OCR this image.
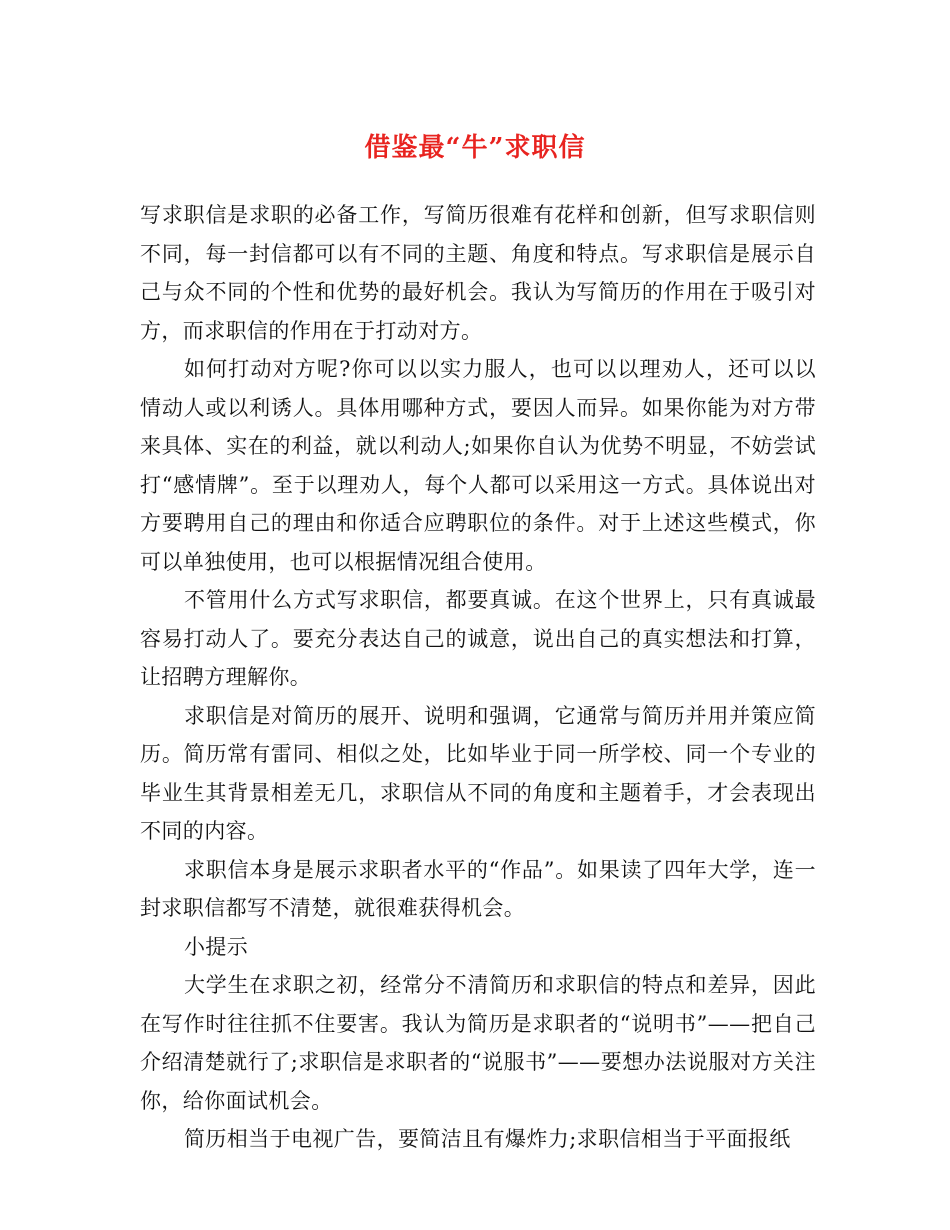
借鉴最“牛”求职信

写求职信是求职的必备工作，写简历很难有花样和创新，但写求职信则不同，每一封信都可以有不同的主题、角度和特点。写求职信是展示自己与众不同的个性和优势的最好机会。我认为写简历的作用在于吸引对方，而求职信的作用在于打动对方。

如何打动对方呢?你可以以实力服人，也可以以理劝人，还可以以情动人或以利诱人。具体用哪种方式，要因人而异。如果你能为对方带来具体、实在的利益，就以利动人;如果你自认为优势不明显，不妨尝试打“感情牌”。至于以理劝人，每个人都可以采用这一方式。具体说出对方要聘用自己的理由和你适合应聘职位的条件。对于上述这些模式，你可以单独使用，也可以根据情况组合使用。

不管用什么方式写求职信，都要真诚。在这个世界上，只有真诚最容易打动人了。要充分表达自己的诚意，说出自己的真实想法和打算，让招聘方理解你。

求职信是对简历的展开、说明和强调，它通常与简历并用并策应简历。简历常有雷同、相似之处，比如毕业于同一所学校、同一个专业的毕业生其背景相差无几，求职信从不同的角度和主题着手，才会表现出不同的内容。

求职信本身是展示求职者水平的“作品”。如果读了四年大学，连一封求职信都写不清楚，就很难获得机会。

小提示

大学生在求职之初，经常分不清简历和求职信的特点和差异，因此在写作时往往抓不住要害。我认为简历是求职者的“说明书”——把自己介绍清楚就行了;求职信是求职者的“说服书”——要想办法说服对方关注你，给你面试机会。

简历相当于电视广告，要简洁且有爆炸力;求职信相当于平面报纸
